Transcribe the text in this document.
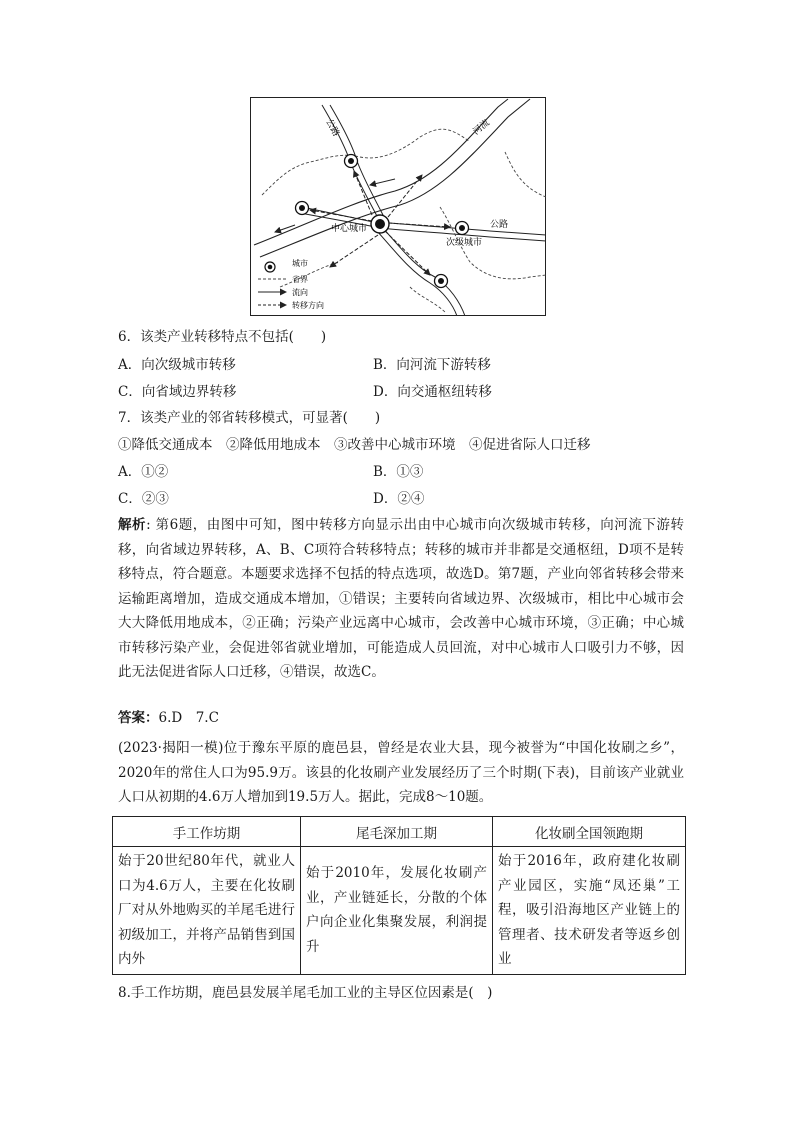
公路	河流
公路
中心城市
次级城市
城市
省界
流向
转移方向
6．该类产业转移特点不包括(　　)
A．向次级城市转移	B．向河流下游转移
C．向省域边界转移	D．向交通枢纽转移
7．该类产业的邻省转移模式，可显著(　　)
①降低交通成本　②降低用地成本　③改善中心城市环境　④促进省际人口迁移
A．①②	B．①③
C．②③	D．②④
解析: 第6题，由图中可知，图中转移方向显示出由中心城市向次级城市转移，向河流下游转移，向省域边界转移，A、B、C项符合转移特点；转移的城市并非都是交通枢纽，D项不是转移特点，符合题意。本题要求选择不包括的特点选项，故选D。第7题，产业向邻省转移会带来运输距离增加，造成交通成本增加，①错误；主要转向省域边界、次级城市，相比中心城市会大大降低用地成本，②正确；污染产业远离中心城市，会改善中心城市环境，③正确；中心城市转移污染产业，会促进邻省就业增加，可能造成人员回流，对中心城市人口吸引力不够，因此无法促进省际人口迁移，④错误，故选C。
答案：6.D　7.C
(2023·揭阳一模)位于豫东平原的鹿邑县，曾经是农业大县，现今被誉为“中国化妆刷之乡”，2020年的常住人口为95.9万。该县的化妆刷产业发展经历了三个时期(下表)，目前该产业就业人口从初期的4.6万人增加到19.5万人。据此，完成8～10题。
手工作坊期	尾毛深加工期	化妆刷全国领跑期
始于20世纪80年代，就业人口为4.6万人，主要在化妆刷厂对从外地购买的羊尾毛进行初级加工，并将产品销售到国内外	始于2010年，发展化妆刷产业，产业链延长，分散的个体户向企业化集聚发展，利润提升	始于2016年，政府建化妆刷产业园区，实施“凤还巢”工程，吸引沿海地区产业链上的管理者、技术研发者等返乡创业
8.手工作坊期，鹿邑县发展羊尾毛加工业的主导区位因素是(　)
